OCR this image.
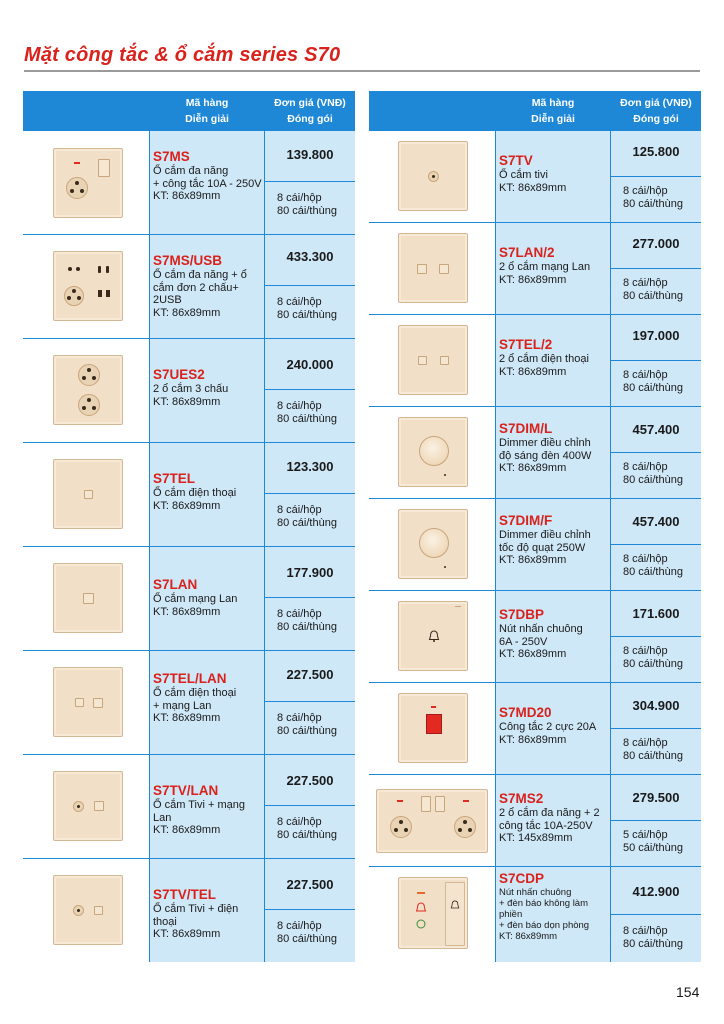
Mặt công tắc & ổ cắm series S70
Mã hàng
Diễn giải
Đơn giá (VNĐ)
Đóng gói
S7MS
Ổ cắm đa năng
+ công tắc 10A - 250V
KT: 86x89mm
139.800
8 cái/hộp
80 cái/thùng
S7MS/USB
Ổ cắm đa năng + ổ
cắm đơn 2 chấu+ 2USB
KT: 86x89mm
433.300
8 cái/hộp
80 cái/thùng
S7UES2
2 ổ cắm 3 chấu
KT: 86x89mm
240.000
8 cái/hộp
80 cái/thùng
S7TEL
Ổ cắm điện thoại
KT: 86x89mm
123.300
8 cái/hộp
80 cái/thùng
S7LAN
Ổ cắm mạng Lan
KT: 86x89mm
177.900
8 cái/hộp
80 cái/thùng
S7TEL/LAN
Ổ cắm điện thoại
+ mạng Lan
KT: 86x89mm
227.500
8 cái/hộp
80 cái/thùng
S7TV/LAN
Ổ cắm Tivi + mạng Lan
KT: 86x89mm
227.500
8 cái/hộp
80 cái/thùng
S7TV/TEL
Ổ cắm Tivi + điện thoại
KT: 86x89mm
227.500
8 cái/hộp
80 cái/thùng
Mã hàng
Diễn giải
Đơn giá (VNĐ)
Đóng gói
S7TV
Ổ cắm tivi
KT: 86x89mm
125.800
8 cái/hộp
80 cái/thùng
S7LAN/2
2 ổ cắm mạng Lan
KT: 86x89mm
277.000
8 cái/hộp
80 cái/thùng
S7TEL/2
2 ổ cắm điện thoại
KT: 86x89mm
197.000
8 cái/hộp
80 cái/thùng
S7DIM/L
Dimmer điều chỉnh
độ sáng đèn 400W
KT: 86x89mm
457.400
8 cái/hộp
80 cái/thùng
S7DIM/F
Dimmer điều chỉnh
tốc độ quạt 250W
KT: 86x89mm
457.400
8 cái/hộp
80 cái/thùng
S7DBP
Nút nhấn chuông
6A - 250V
KT: 86x89mm
171.600
8 cái/hộp
80 cái/thùng
S7MD20
Công tắc 2 cực 20A
KT: 86x89mm
304.900
8 cái/hộp
80 cái/thùng
S7MS2
2 ổ cắm đa năng + 2
công tắc 10A-250V
KT: 145x89mm
279.500
5 cái/hộp
50 cái/thùng
S7CDP
Nút nhấn chuông
+ đèn báo không làm phiền
+ đèn báo dọn phòng
KT: 86x89mm
412.900
8 cái/hộp
80 cái/thùng
154
